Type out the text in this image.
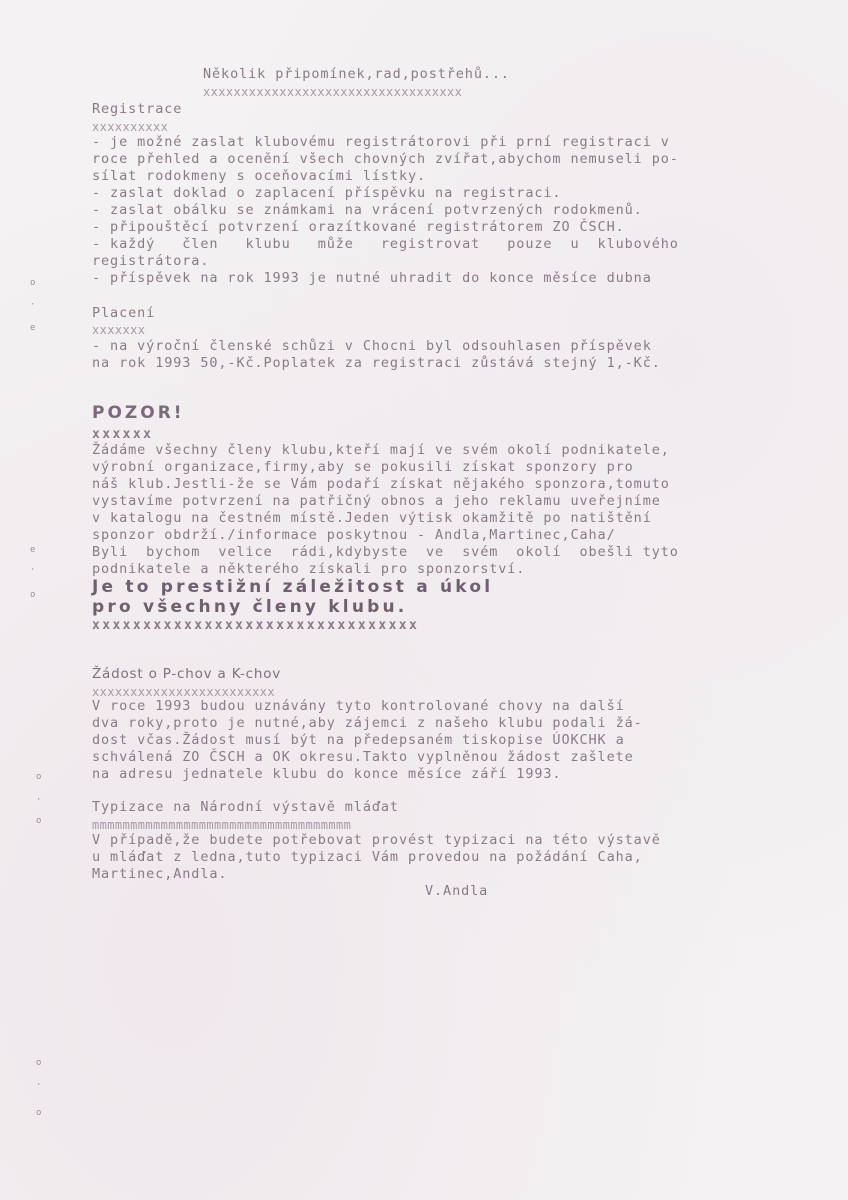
Několik připomínek,rad,postřehů...
xxxxxxxxxxxxxxxxxxxxxxxxxxxxxxxxxx
Registrace
xxxxxxxxxx
- je možné zaslat klubovému registrátorovi při prní registraci v
roce přehled a ocenění všech chovných zvířat,abychom nemuseli po-
sílat rodokmeny s oceňovacími lístky.
- zaslat doklad o zaplacení příspěvku na registraci.
- zaslat obálku se známkami na vrácení potvrzených rodokmenů.
- připouštěcí potvrzení orazítkované registrátorem ZO ČSCH.
- každý   člen   klubu   může   registrovat   pouze  u  klubového
registrátora.
- příspěvek na rok 1993 je nutné uhradit do konce měsíce dubna
Placení
xxxxxxx
- na výroční členské schůzi v Chocni byl odsouhlasen příspěvek
na rok 1993 50,-Kč.Poplatek za registraci zůstává stejný 1,-Kč.
POZOR!
xxxxxx
Žádáme všechny členy klubu,kteří mají ve svém okolí podnikatele,
výrobní organizace,firmy,aby se pokusili získat sponzory pro
náš klub.Jestli-že se Vám podaří získat nějakého sponzora,tomuto
vystavíme potvrzení na patřičný obnos a jeho reklamu uveřejníme
v katalogu na čestném místě.Jeden výtisk okamžitě po natištění
sponzor obdrží./informace poskytnou - Andla,Martinec,Caha/
Byli  bychom  velice  rádi,kdybyste  ve  svém  okolí  obešli tyto
podnikatele a některého získali pro sponzorství.
Je to prestižní záležitost a úkol
pro všechny členy klubu.
xxxxxxxxxxxxxxxxxxxxxxxxxxxxxxxx
Žádost o P-chov a K-chov
xxxxxxxxxxxxxxxxxxxxxxxx
V roce 1993 budou uznávány tyto kontrolované chovy na další
dva roky,proto je nutné,aby zájemci z našeho klubu podali žá-
dost včas.Žádost musí být na předepsaném tiskopise ÚOKCHK a
schválená ZO ČSCH a OK okresu.Takto vyplněnou žádost zašlete
na adresu jednatele klubu do konce měsíce září 1993.
Typizace na Národní výstavě mláďat
mmmmmmmmmmmmmmmmmmmmmmmmmmmmmmmmmm
V případě,že budete potřebovat provést typizaci na této výstavě
u mláďat z ledna,tuto typizaci Vám provedou na požádání Caha,
Martinec,Andla.
V.Andla
o
·
e
e
·
o
o
·
o
o
·
o
